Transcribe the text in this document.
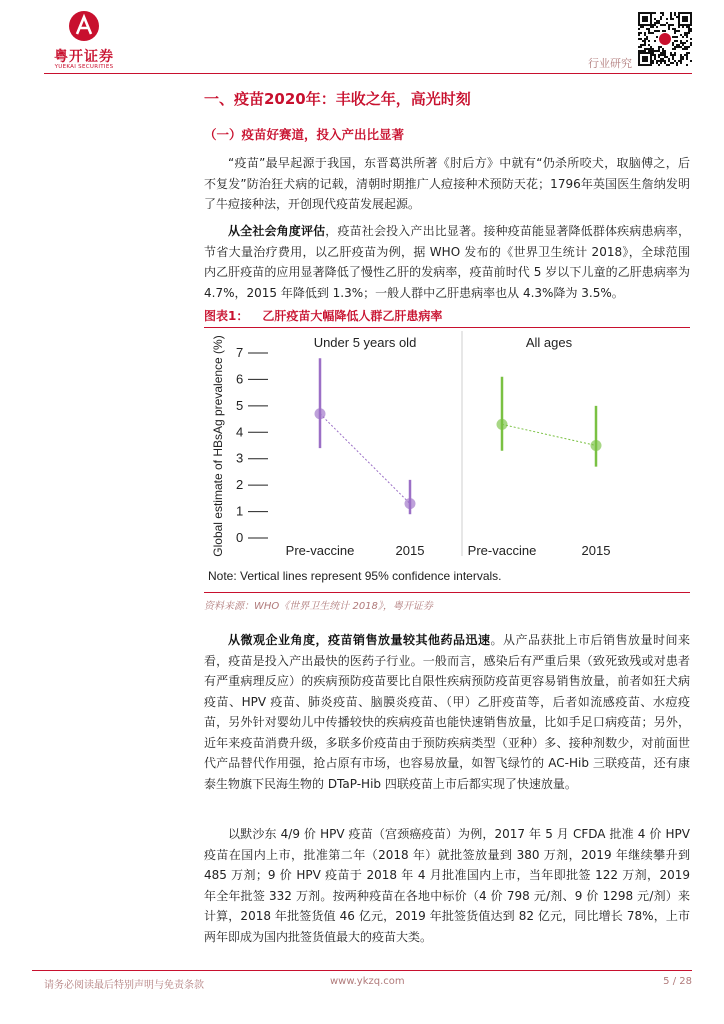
粤开证券
YUEKAI SECURITIES	行业研究
一、疫苗2020年：丰收之年，高光时刻
（一）疫苗好赛道，投入产出比显著

“疫苗”最早起源于我国，东晋葛洪所著《肘后方》中就有“仍杀所咬犬，取脑傅之，后不复发”防治狂犬病的记载，清朝时期推广人痘接种术预防天花；1796年英国医生詹纳发明了牛痘接种法，开创现代疫苗发展起源。

从全社会角度评估，疫苗社会投入产出比显著。接种疫苗能显著降低群体疾病患病率，节省大量治疗费用，以乙肝疫苗为例，据 WHO 发布的《世界卫生统计 2018》，全球范围内乙肝疫苗的应用显著降低了慢性乙肝的发病率，疫苗前时代 5 岁以下儿童的乙肝患病率为 4.7%，2015 年降低到 1.3%；一般人群中乙肝患病率也从 4.3%降为 3.5%。

图表1： 乙肝疫苗大幅降低人群乙肝患病率
Global estimate of HBsAg prevalence (%) 0
1
2
3
4
5
6
7
Under 5 years old
Pre-vaccine	2015
All ages
Pre-vaccine	2015
Note: Vertical lines represent 95% confidence intervals.
资料来源：WHO《世界卫生统计 2018》，粤开证券

从微观企业角度，疫苗销售放量较其他药品迅速。从产品获批上市后销售放量时间来看，疫苗是投入产出最快的医药子行业。一般而言，感染后有严重后果（致死致残或对患者有严重病理反应）的疾病预防疫苗要比自限性疾病预防疫苗更容易销售放量，前者如狂犬病疫苗、HPV 疫苗、肺炎疫苗、脑膜炎疫苗、（甲）乙肝疫苗等，后者如流感疫苗、水痘疫苗，另外针对婴幼儿中传播较快的疾病疫苗也能快速销售放量，比如手足口病疫苗；另外，近年来疫苗消费升级，多联多价疫苗由于预防疾病类型（亚种）多、接种剂数少，对前面世代产品替代作用强，抢占原有市场，也容易放量，如智飞绿竹的 AC-Hib 三联疫苗，还有康泰生物旗下民海生物的 DTaP-Hib 四联疫苗上市后都实现了快速放量。

以默沙东 4/9 价 HPV 疫苗（宫颈癌疫苗）为例，2017 年 5 月 CFDA 批准 4 价 HPV 疫苗在国内上市，批准第二年（2018 年）就批签放量到 380 万剂，2019 年继续攀升到 485 万剂；9 价 HPV 疫苗于 2018 年 4 月批准国内上市，当年即批签 122 万剂，2019 年全年批签 332 万剂。按两种疫苗在各地中标价（4 价 798 元/剂、9 价 1298 元/剂）来计算，2018 年批签货值 46 亿元，2019 年批签货值达到 82 亿元，同比增长 78%，上市两年即成为国内批签货值最大的疫苗大类。

请务必阅读最后特别声明与免责条款	www.ykzq.com	5 / 28
